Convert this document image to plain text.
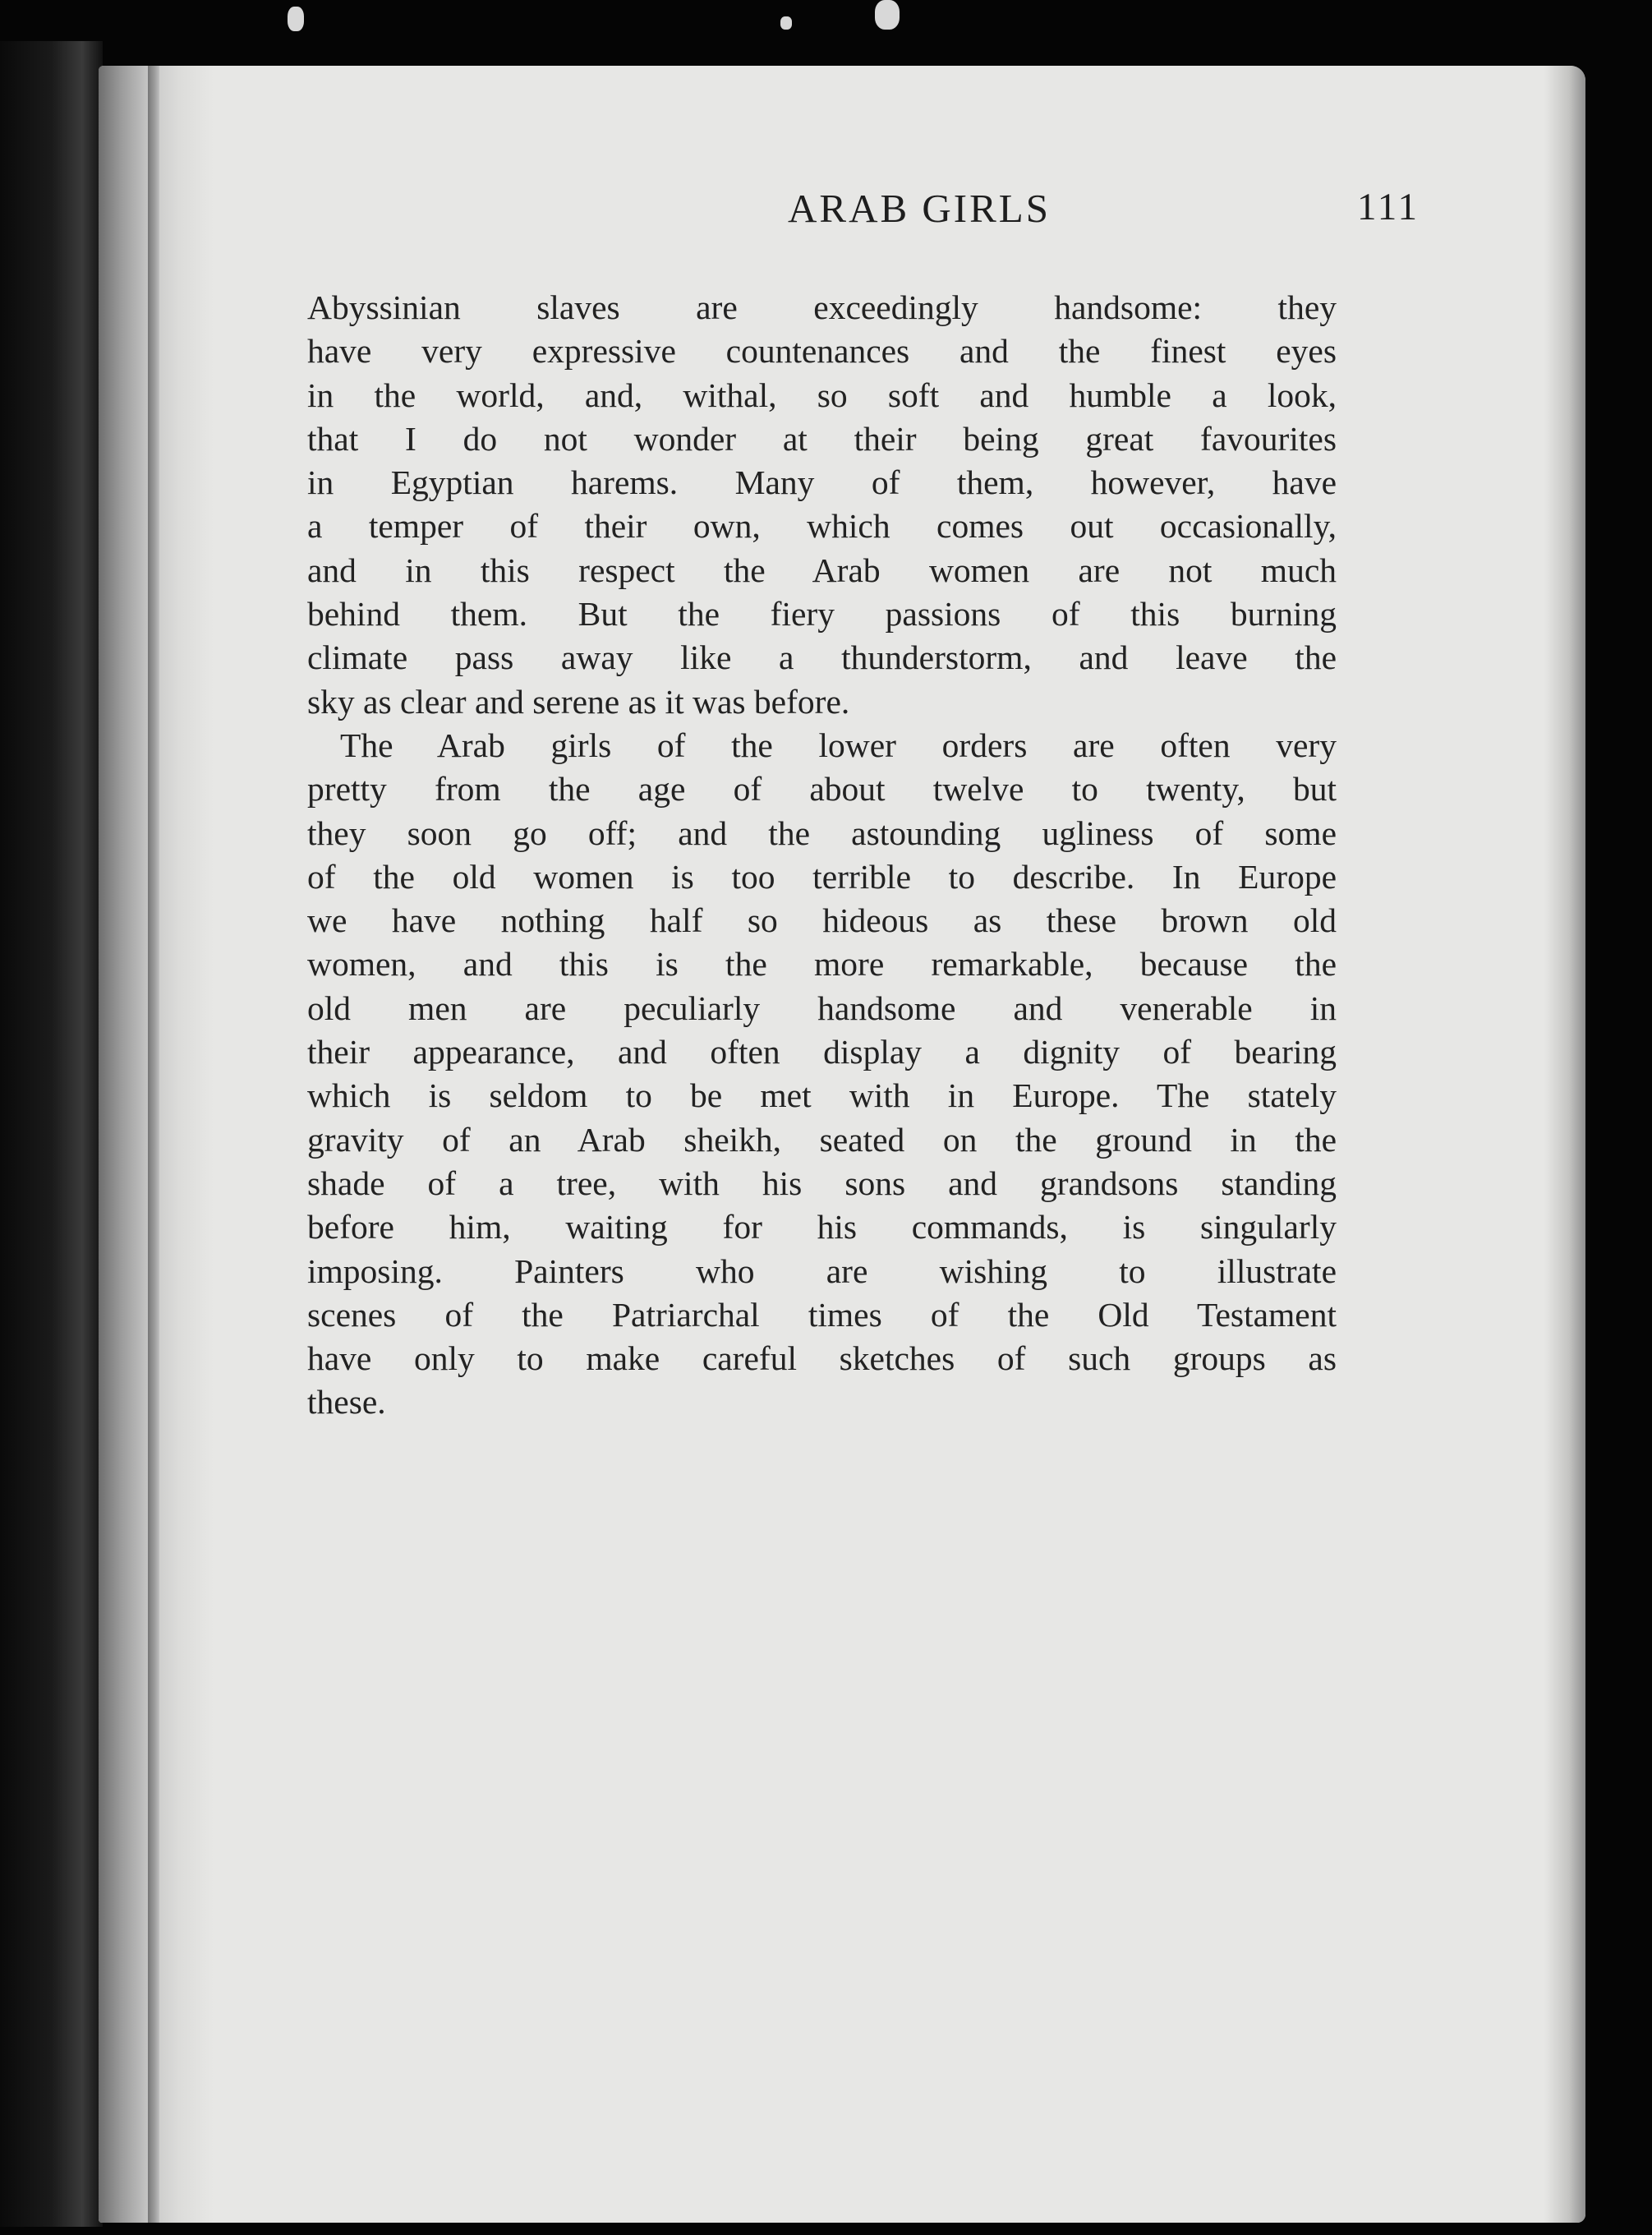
ARAB GIRLS	111

Abyssinian slaves are exceedingly handsome: they
have very expressive countenances and the finest eyes
in the world, and, withal, so soft and humble a look,
that I do not wonder at their being great favourites
in Egyptian harems. Many of them, however, have
a temper of their own, which comes out occasionally,
and in this respect the Arab women are not much
behind them. But the fiery passions of this burning
climate pass away like a thunderstorm, and leave the
sky as clear and serene as it was before.

The Arab girls of the lower orders are often very
pretty from the age of about twelve to twenty, but
they soon go off; and the astounding ugliness of some
of the old women is too terrible to describe. In Europe
we have nothing half so hideous as these brown old
women, and this is the more remarkable, because the
old men are peculiarly handsome and venerable in
their appearance, and often display a dignity of bearing
which is seldom to be met with in Europe. The stately
gravity of an Arab sheikh, seated on the ground in the
shade of a tree, with his sons and grandsons standing
before him, waiting for his commands, is singularly
imposing. Painters who are wishing to illustrate
scenes of the Patriarchal times of the Old Testament
have only to make careful sketches of such groups as
these.
